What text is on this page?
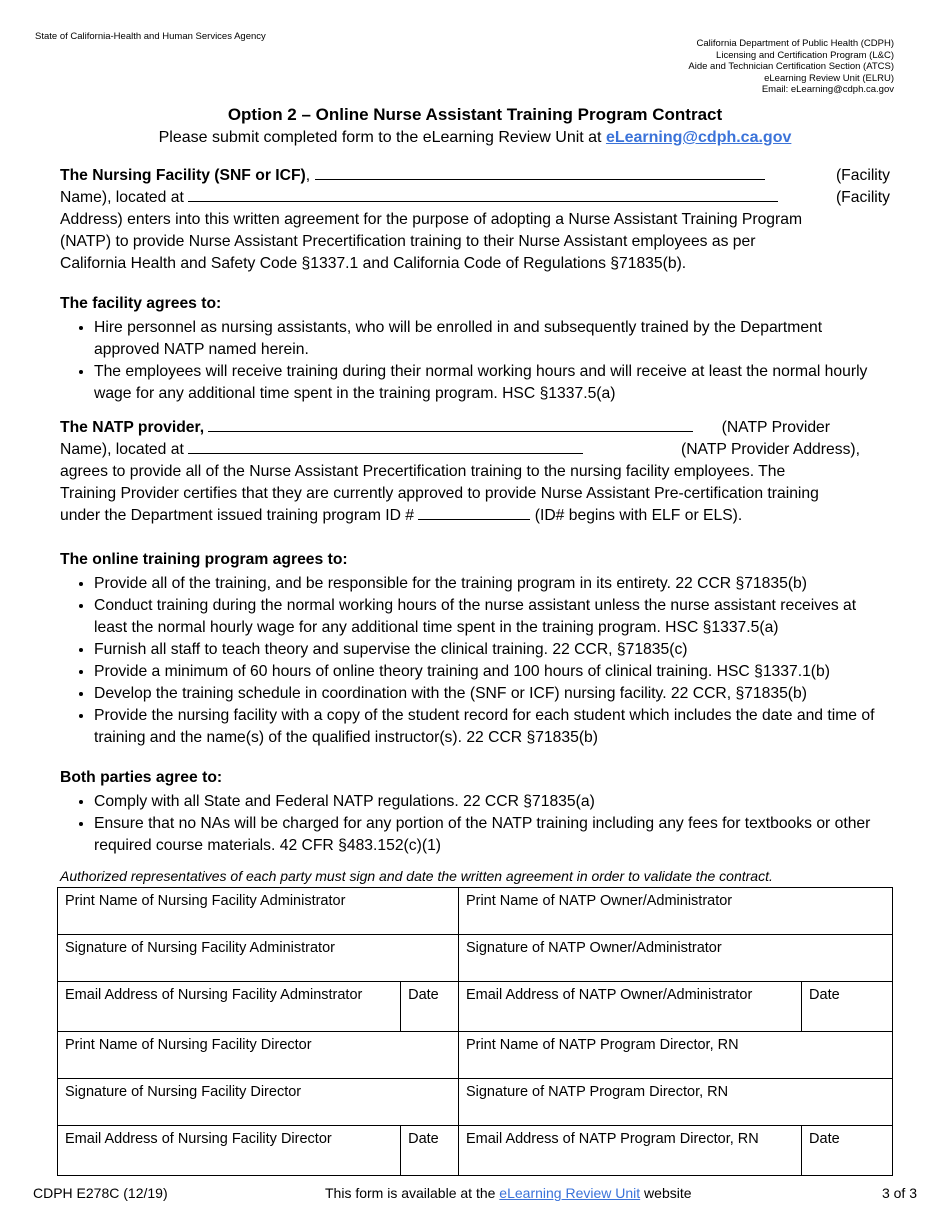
State of California-Health and Human Services Agency
California Department of Public Health (CDPH)
Licensing and Certification Program (L&C)
Aide and Technician Certification Section (ATCS)
eLearning Review Unit (ELRU)
Email: eLearning@cdph.ca.gov
Option 2 – Online Nurse Assistant Training Program Contract
Please submit completed form to the eLearning Review Unit at eLearning@cdph.ca.gov
The Nursing Facility (SNF or ICF),	(Facility
Name), located at	(Facility
Address) enters into this written agreement for the purpose of adopting a Nurse Assistant Training Program
(NATP) to provide Nurse Assistant Precertification training to their Nurse Assistant employees as per
California Health and Safety Code §1337.1 and California Code of Regulations §71835(b).
The facility agrees to:
• Hire personnel as nursing assistants, who will be enrolled in and subsequently trained by the Department approved NATP named herein.
• The employees will receive training during their normal working hours and will receive at least the normal hourly wage for any additional time spent in the training program. HSC §1337.5(a)
The NATP provider,	(NATP Provider
Name), located at	(NATP Provider Address),
agrees to provide all of the Nurse Assistant Precertification training to the nursing facility employees. The
Training Provider certifies that they are currently approved to provide Nurse Assistant Pre-certification training
under the Department issued training program ID #	(ID# begins with ELF or ELS).
The online training program agrees to:
• Provide all of the training, and be responsible for the training program in its entirety. 22 CCR §71835(b)
• Conduct training during the normal working hours of the nurse assistant unless the nurse assistant receives at least the normal hourly wage for any additional time spent in the training program. HSC §1337.5(a)
• Furnish all staff to teach theory and supervise the clinical training. 22 CCR, §71835(c)
• Provide a minimum of 60 hours of online theory training and 100 hours of clinical training. HSC §1337.1(b)
• Develop the training schedule in coordination with the (SNF or ICF) nursing facility. 22 CCR, §71835(b)
• Provide the nursing facility with a copy of the student record for each student which includes the date and time of training and the name(s) of the qualified instructor(s). 22 CCR §71835(b)
Both parties agree to:
• Comply with all State and Federal NATP regulations. 22 CCR §71835(a)
• Ensure that no NAs will be charged for any portion of the NATP training including any fees for textbooks or other required course materials. 42 CFR §483.152(c)(1)
Authorized representatives of each party must sign and date the written agreement in order to validate the contract.
Print Name of Nursing Facility Administrator		Print Name of NATP Owner/Administrator	
Signature of Nursing Facility Administrator		Signature of NATP Owner/Administrator	
Email Address of Nursing Facility Adminstrator	Date	Email Address of NATP Owner/Administrator	Date
Print Name of Nursing Facility Director		Print Name of NATP Program Director, RN	
Signature of Nursing Facility Director		Signature of NATP Program Director, RN	
Email Address of Nursing Facility Director	Date	Email Address of NATP Program Director, RN	Date
CDPH E278C (12/19)	This form is available at the eLearning Review Unit website	3 of 3
